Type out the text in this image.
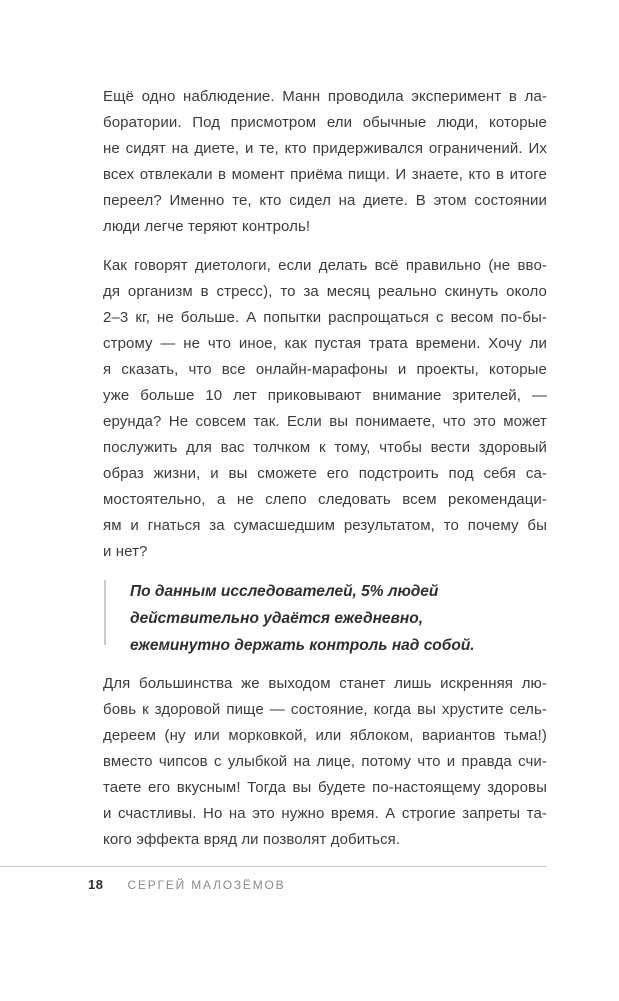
Ещё одно наблюдение. Манн проводила эксперимент в ла-
боратории. Под присмотром ели обычные люди, которые
не сидят на диете, и те, кто придерживался ограничений. Их
всех отвлекали в момент приёма пищи. И знаете, кто в итоге
переел? Именно те, кто сидел на диете. В этом состоянии
люди легче теряют контроль!
Как говорят диетологи, если делать всё правильно (не вво-
дя организм в стресс), то за месяц реально скинуть около
2–3 кг, не больше. А попытки распрощаться с весом по-бы-
строму — не что иное, как пустая трата времени. Хочу ли
я сказать, что все онлайн-марафоны и проекты, которые
уже больше 10 лет приковывают внимание зрителей, —
ерунда? Не совсем так. Если вы понимаете, что это может
послужить для вас толчком к тому, чтобы вести здоровый
образ жизни, и вы сможете его подстроить под себя са-
мостоятельно, а не слепо следовать всем рекомендаци-
ям и гнаться за сумасшедшим результатом, то почему бы
и нет?
По данным исследователей, 5% людей
действительно удаётся ежедневно,
ежеминутно держать контроль над собой.
Для большинства же выходом станет лишь искренняя лю-
бовь к здоровой пище — состояние, когда вы хрустите сель-
дереем (ну или морковкой, или яблоком, вариантов тьма!)
вместо чипсов с улыбкой на лице, потому что и правда счи-
таете его вкусным! Тогда вы будете по-настоящему здоровы
и счастливы. Но на это нужно время. А строгие запреты та-
кого эффекта вряд ли позволят добиться.
18 СЕРГЕЙ МАЛОЗЁМОВ
